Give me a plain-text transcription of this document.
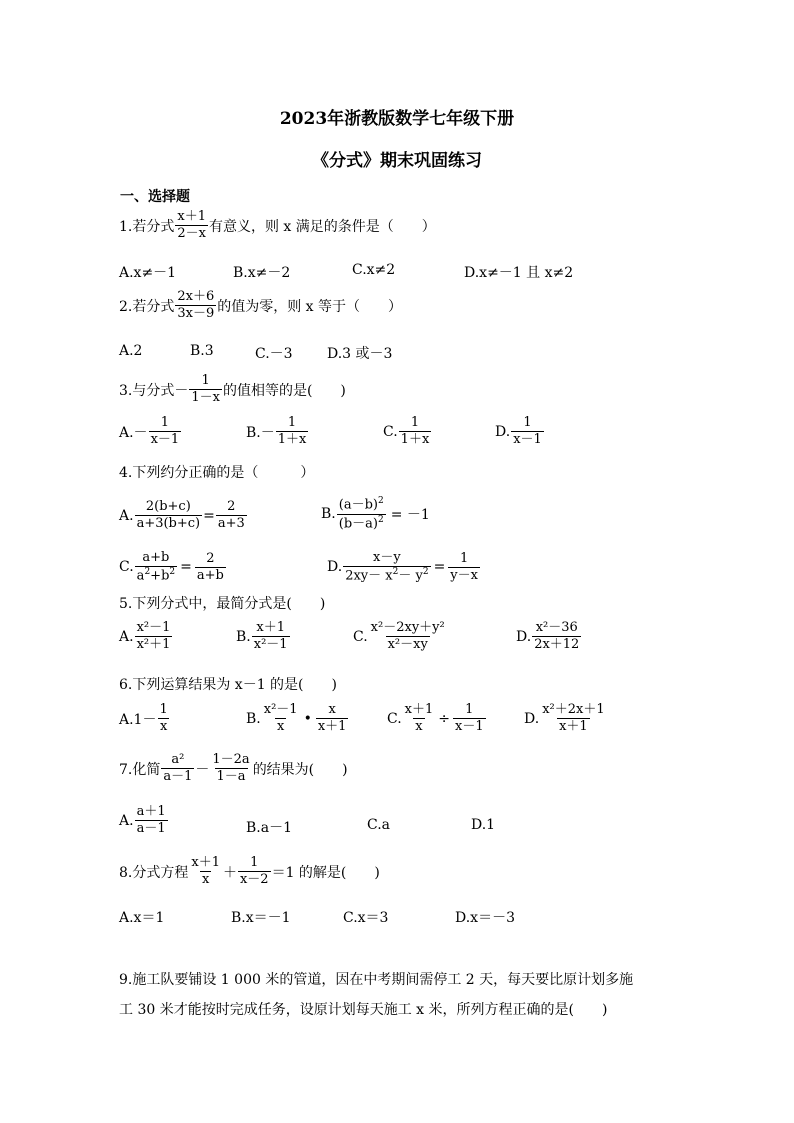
2023年浙教版数学七年级下册
《分式》期末巩固练习
一、选择题
1.若分式 $\frac{x+1}{2-x}$ 有意义，则 x 满足的条件是（　　）
A.x≠－1	B.x≠－2	C.x≠2	D.x≠－1 且 x≠2
2.若分式 $\frac{2x+6}{3x-9}$ 的值为零，则 x 等于（　　）
A.2	B.3	C.－3 D.3 或－3
3.与分式－ $\frac{1}{1-x}$ 的值相等的是(　　)
$A.- \frac{1}{x-1}$	$B.- \frac{1}{1+x}$	C. $\frac{1}{1+x}$	D. $\frac{1}{x-1}$
4.下列约分正确的是（　　　）
A. $\frac{2(b+c)}{a+3(b+c)} = \frac{2}{a+3}$	B. $\frac{(a-b)^2}{(b-a)^2} = -1$
C. $\frac{a+b}{a^2+b^2} = \frac{2}{a+b}$	D. $\frac{x-y}{2xy- x^2- y^2} = \frac{1}{y-x}$
5.下列分式中，最简分式是(　　)
A. $\frac{\text{x²－1}}{\text{x²＋1}}$	B. $\frac{x+1}{\text{x²－1}}$	C. $\frac{\text{x²－2xy＋y²}}{\text{x²－xy}}$	D. $\frac{\text{x²－36}}{2x+12}$
6.下列运算结果为 x－1 的是(　　)
$A.1- \frac{1}{x}$	B. $\frac{\text{x²－1}}{x}$ • $\frac{x}{x+1}$	C. $\frac{x+1}{x} \div \frac{1}{x-1}$	D. $\frac{\text{x²＋2x＋1}}{x+1}$
7.化简 $\frac{\text{a²}}{a-1} - \frac{1-2a}{1-a}$ 的结果为(　　)
A. $\frac{a+1}{a-1}$	B.a－1	C.a	D.1
8.分式方程 $\frac{x+1}{x} + \frac{1}{x-2} =1$ 的解是(　　)
A.x＝1	B.x＝－1	C.x＝3	D.x＝－3
9.施工队要铺设 1 000 米的管道，因在中考期间需停工 2 天，每天要比原计划多施
工 30 米才能按时完成任务，设原计划每天施工 x 米，所列方程正确的是(　　)
